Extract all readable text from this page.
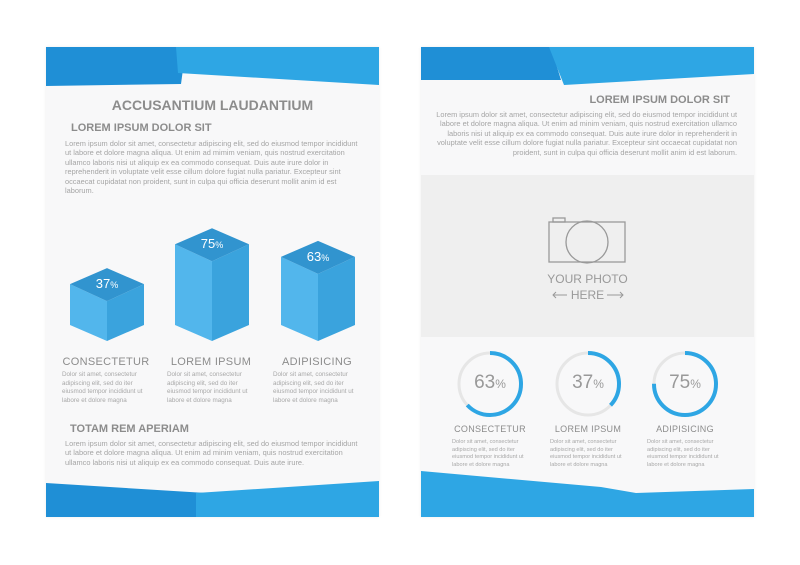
ACCUSANTIUM LAUDANTIUM
LOREM IPSUM DOLOR SIT
Lorem ipsum dolor sit amet, consectetur adipiscing elit, sed do eiusmod tempor incididunt ut labore et dolore magna aliqua. Ut enim ad mimim veniam, quis nostrud exercitation ullamco laboris nisi ut aliquip ex ea commodo consequat. Duis aute irure dolor in reprehenderit in voluptate velit esse cillum dolore fugiat nulla pariatur. Excepteur sint occaecat cupidatat non proident, sunt in culpa qui officia deserunt mollit anim id est laborum.
37%
75%
63%
CONSECTETUR
Dolor sit amet, consectetur adipiscing elit, sed do iter eiusmod tempor incididunt ut labore et dolore magna
LOREM IPSUM
Dolor sit amet, consectetur adipiscing elit, sed do iter eiusmod tempor incididunt ut labore et dolore magna
ADIPISICING
Dolor sit amet, consectetur adipiscing elit, sed do iter eiusmod tempor incididunt ut labore et dolore magna
TOTAM REM APERIAM
Lorem ipsum dolor sit amet, consectetur adipiscing elit, sed do eiusmod tempor incididunt ut labore et dolore magna aliqua. Ut enim ad minim veniam, quis nostrud exercitation ullamco laboris nisi ut aliquip ex ea commodo consequat. Duis aute irure.
LOREM IPSUM DOLOR SIT
Lorem ipsum dolor sit amet, consectetur adipiscing elit, sed do eiusmod tempor incididunt ut labore et dolore magna aliqua. Ut enim ad minim veniam, quis nostrud exercitation ullamco laboris nisi ut aliquip ex ea commodo consequat. Duis aute irure dolor in reprehenderit in voluptate velit esse cillum dolore fugiat nulla pariatur. Excepteur sint occaecat cupidatat non proident, sunt in culpa qui officia deserunt mollit anim id est laborum.
YOUR PHOTO
HERE
63%	37%	75%
CONSECTETUR
Dolor sit amet, consectetur adipiscing elit, sed do iter eiusmod tempor incididunt ut labore et dolore magna
LOREM IPSUM
Dolor sit amet, consectetur adipiscing elit, sed do iter eiusmod tempor incididunt ut labore et dolore magna
ADIPISICING
Dolor sit amet, consectetur adipiscing elit, sed do iter eiusmod tempor incididunt ut labore et dolore magna
